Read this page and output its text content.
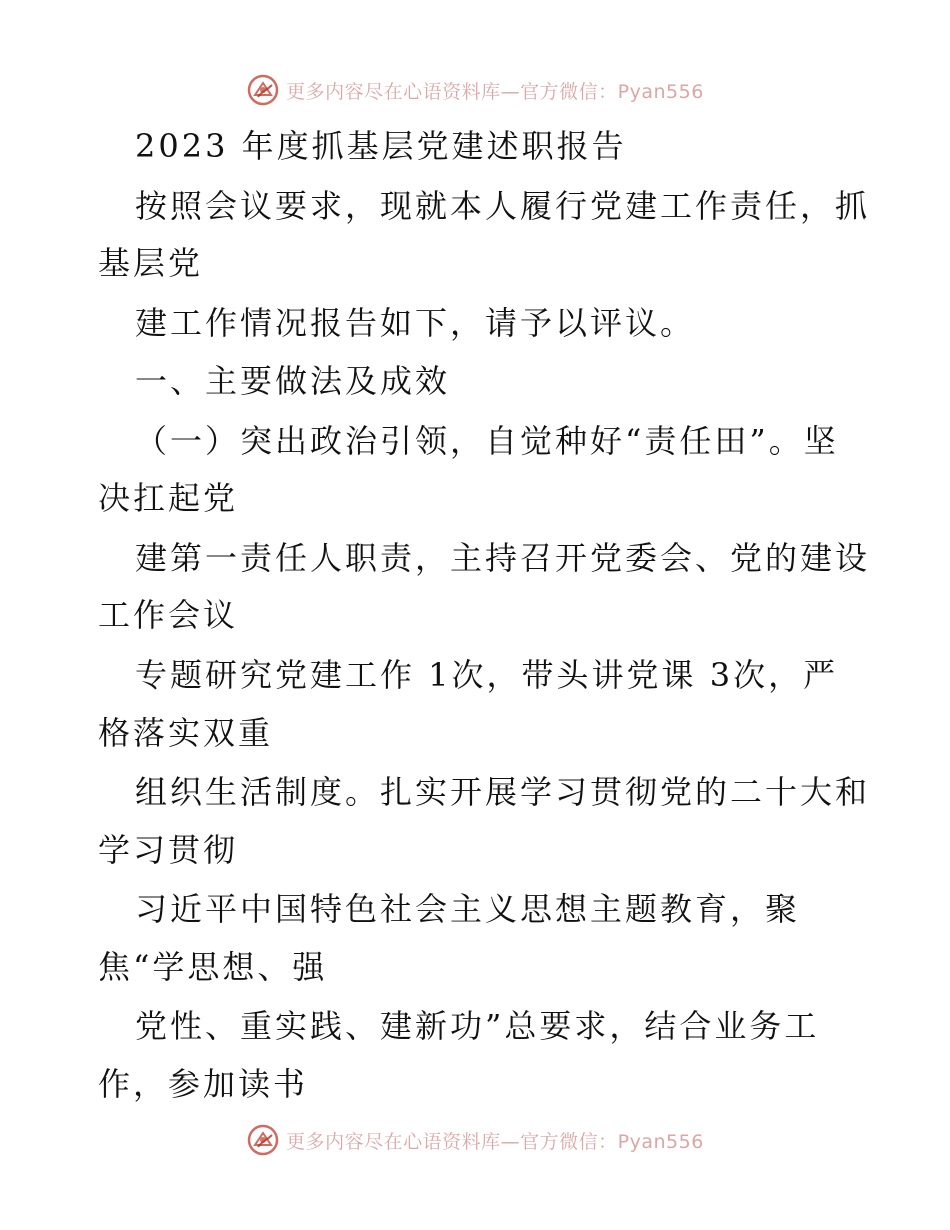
更多内容尽在心语资料库—官方微信：Pyan556
2023 年度抓基层党建述职报告
按照会议要求，现就本人履行党建工作责任，抓
基层党
建工作情况报告如下，请予以评议。
一、主要做法及成效
（一）突出政治引领，自觉种好“责任田”。坚
决扛起党
建第一责任人职责，主持召开党委会、党的建设
工作会议
专题研究党建工作 1次，带头讲党课 3次，严
格落实双重
组织生活制度。扎实开展学习贯彻党的二十大和
学习贯彻
习近平中国特色社会主义思想主题教育，聚
焦“学思想、强
党性、重实践、建新功”总要求，结合业务工
作，参加读书
更多内容尽在心语资料库—官方微信：Pyan556
